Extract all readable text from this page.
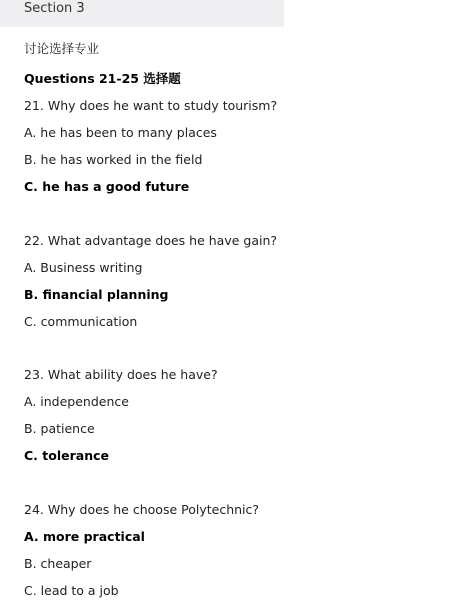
Section 3
讨论选择专业
Questions 21-25 选择题
21. Why does he want to study tourism?
A. he has been to many places
B. he has worked in the field
C. he has a good future
22. What advantage does he have gain?
A. Business writing
B. financial planning
C. communication
23. What ability does he have?
A. independence
B. patience
C. tolerance
24. Why does he choose Polytechnic?
A. more practical
B. cheaper
C. lead to a job
